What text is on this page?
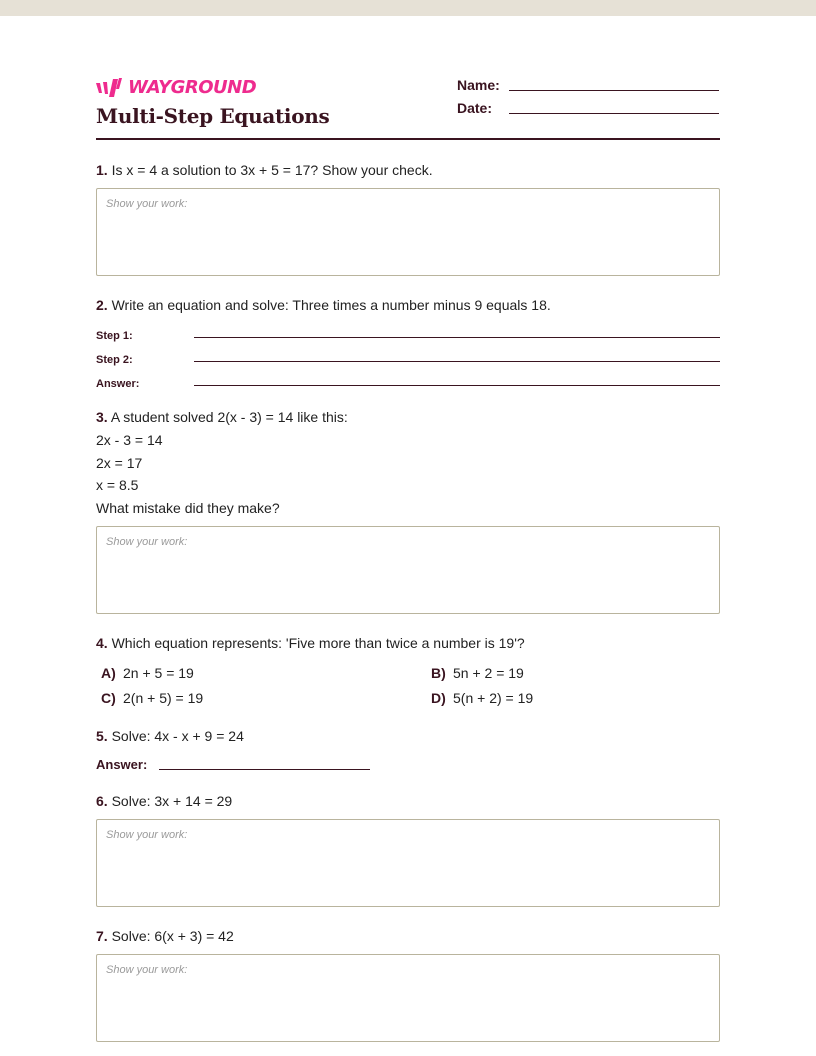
WAYGROUND
Multi-Step Equations
Name:
Date:
1. Is x = 4 a solution to 3x + 5 = 17? Show your check.
Show your work:
2. Write an equation and solve: Three times a number minus 9 equals 18.
Step 1:
Step 2:
Answer:
3. A student solved 2(x - 3) = 14 like this:
2x - 3 = 14
2x = 17
x = 8.5
What mistake did they make?
Show your work:
4. Which equation represents: 'Five more than twice a number is 19'?
A) 2n + 5 = 19	B) 5n + 2 = 19
C) 2(n + 5) = 19	D) 5(n + 2) = 19
5. Solve: 4x - x + 9 = 24
Answer:
6. Solve: 3x + 14 = 29
Show your work:
7. Solve: 6(x + 3) = 42
Show your work:
